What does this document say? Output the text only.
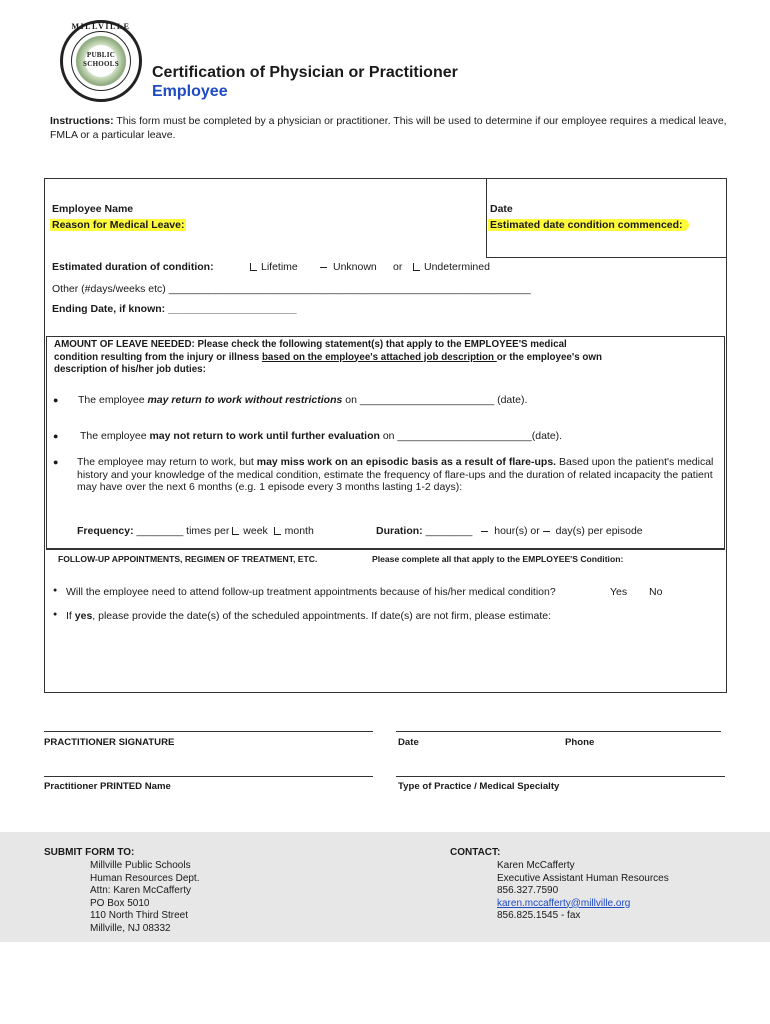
MILLVILLE
PUBLIC
SCHOOLS	Certification of Physician or Practitioner
Employee
Instructions: This form must be completed by a physician or practitioner. This will be used to determine if our employee requires a medical leave, FMLA or a particular leave.
Employee Name	Date
Reason for Medical Leave:	Estimated date condition commenced:
Estimated duration of condition:	Lifetime	Unknown or	Undetermined
Other (#days/weeks etc) ______________________________________________________________
Ending Date, if known: ______________________
AMOUNT OF LEAVE NEEDED: Please check the following statement(s) that apply to the EMPLOYEE'S medical
condition resulting from the injury or illness based on the employee's attached job description or the employee's own
description of his/her job duties:
● The employee may return to work without restrictions on _______________________ (date).
● The employee may not return to work until further evaluation on _______________________(date).
● The employee may return to work, but may miss work on an episodic basis as a result of flare-ups. Based upon the patient's medical history and your knowledge of the medical condition, estimate the frequency of flare-ups and the duration of related incapacity the patient may have over the next 6 months (e.g. 1 episode every 3 months lasting 1-2 days):
Frequency: ________ times per week month	Duration: ________ hour(s) or day(s) per episode
FOLLOW-UP APPOINTMENTS, REGIMEN OF TREATMENT, ETC.	Please complete all that apply to the EMPLOYEE'S Condition:
● Will the employee need to attend follow-up treatment appointments because of his/her medical condition?	Yes No
● If yes, please provide the date(s) of the scheduled appointments. If date(s) are not firm, please estimate:
PRACTITIONER SIGNATURE	Date	Phone
Practitioner PRINTED Name	Type of Practice / Medical Specialty
SUBMIT FORM TO:
Millville Public Schools
Human Resources Dept.
Attn: Karen McCafferty
PO Box 5010
110 North Third Street
Millville, NJ 08332
CONTACT:
Karen McCafferty
Executive Assistant Human Resources
856.327.7590
karen.mccafferty@millville.org
856.825.1545 - fax
